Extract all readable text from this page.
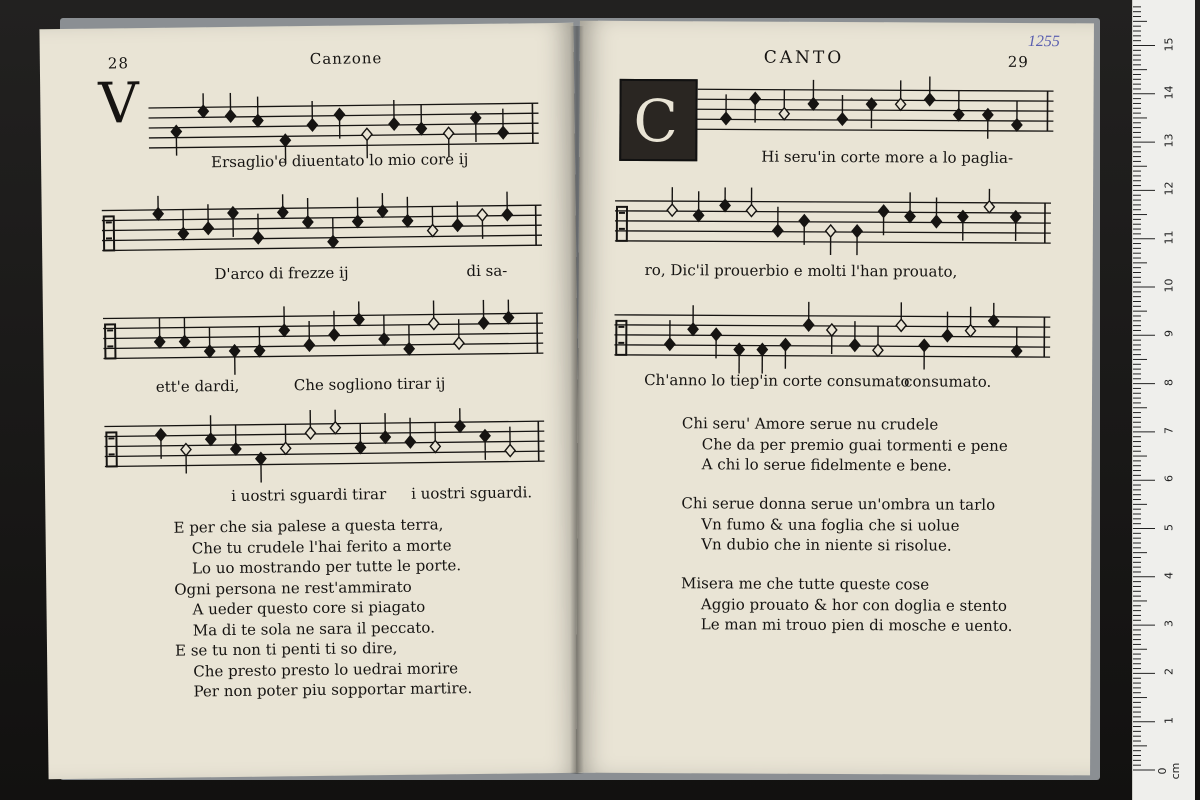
28	Canzone
V
Ersaglio'e diuentato lo mio core ij
D'arco di frezze ij	di sa-
ett'e dardi,	Che sogliono tirar ij
i uostri sguardi tirar i uostri sguardi.
E per che sia palese a questa terra,
Che tu crudele l'hai ferito a morte
Lo uo mostrando per tutte le porte.
Ogni persona ne rest'ammirato
A ueder questo core si piagato
Ma di te sola ne sara il peccato.
E se tu non ti penti ti so dire,
Che presto presto lo uedrai morire
Per non poter piu sopportar martire.
CANTO	29
1255
C
Hi seru'in corte more a lo paglia-
ro, Dic'il prouerbio e molti l'han prouato,
Ch'anno lo tiep'in corte consumato
consumato.
Chi seru' Amore serue nu crudele
Che da per premio guai tormenti e pene
A chi lo serue fidelmente e bene.
Chi serue donna serue un'ombra un tarlo
Vn fumo & una foglia che si uolue
Vn dubio che in niente si risolue.
Misera me che tutte queste cose
Aggio prouato & hor con doglia e stento
Le man mi trouo pien di mosche e uento.
0 cm
1
2
3
4
5
6
7
8
9
10
11
12
13
14
15
